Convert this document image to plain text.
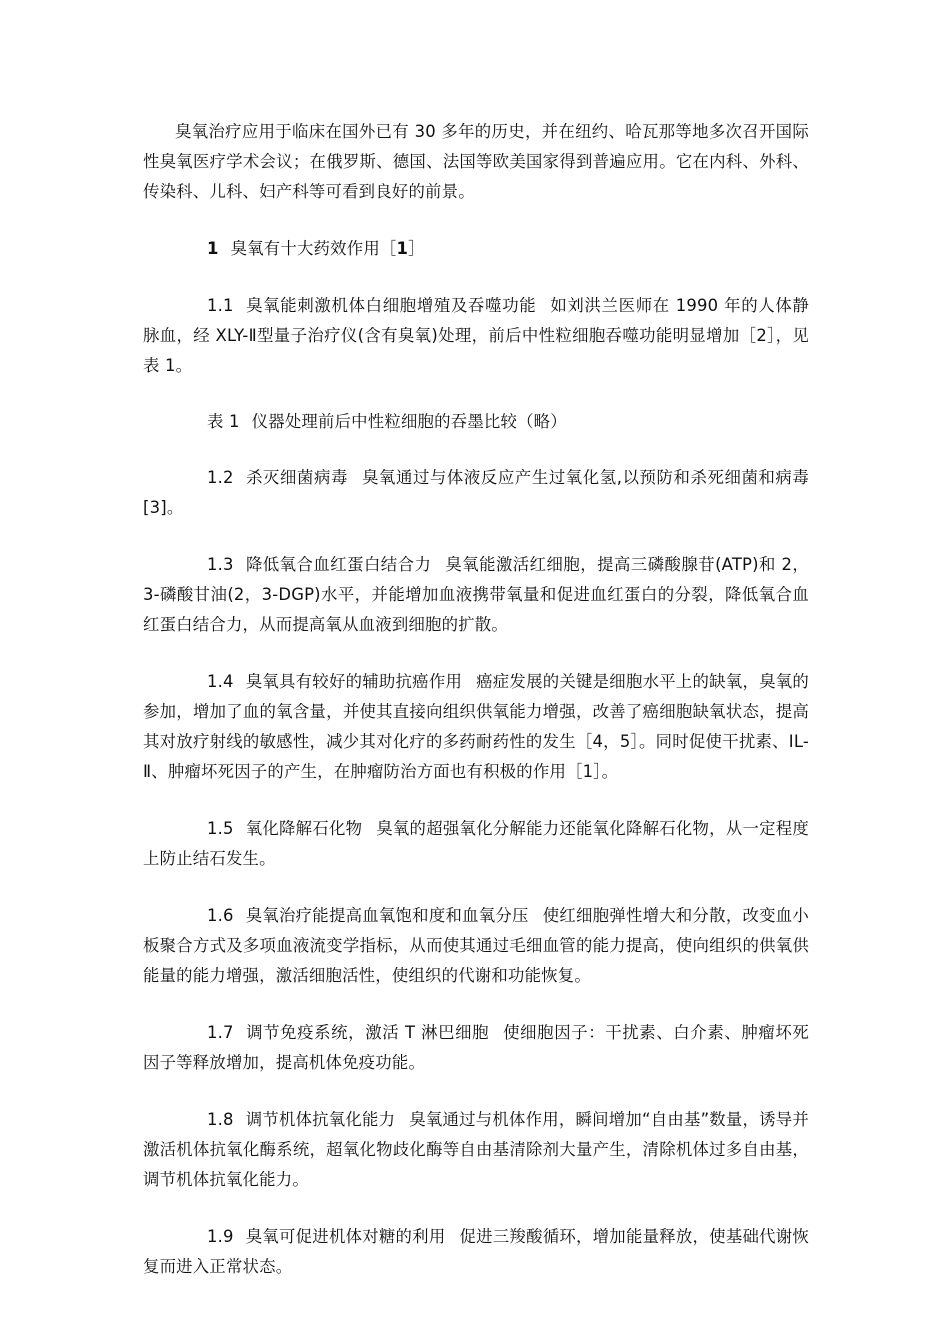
臭氧治疗应用于临床在国外已有 30 多年的历史，并在纽约、哈瓦那等地多次召开国际性臭氧医疗学术会议；在俄罗斯、德国、法国等欧美国家得到普遍应用。它在内科、外科、传染科、儿科、妇产科等可看到良好的前景。

1 臭氧有十大药效作用［1］

1.1 臭氧能刺激机体白细胞增殖及吞噬功能 如刘洪兰医师在 1990 年的人体静脉血，经 XLY-Ⅱ型量子治疗仪(含有臭氧)处理，前后中性粒细胞吞噬功能明显增加［2］，见表 1。

表 1 仪器处理前后中性粒细胞的吞墨比较（略）

1.2 杀灭细菌病毒 臭氧通过与体液反应产生过氧化氢,以预防和杀死细菌和病毒[3]。

1.3 降低氧合血红蛋白结合力 臭氧能激活红细胞，提高三磷酸腺苷(ATP)和 2，3-磷酸甘油(2，3-DGP)水平，并能增加血液携带氧量和促进血红蛋白的分裂，降低氧合血红蛋白结合力，从而提高氧从血液到细胞的扩散。

1.4 臭氧具有较好的辅助抗癌作用 癌症发展的关键是细胞水平上的缺氧，臭氧的参加，增加了血的氧含量，并使其直接向组织供氧能力增强，改善了癌细胞缺氧状态，提高其对放疗射线的敏感性，减少其对化疗的多药耐药性的发生［4，5］。同时促使干扰素、IL-Ⅱ、肿瘤坏死因子的产生，在肿瘤防治方面也有积极的作用［1］。

1.5 氧化降解石化物 臭氧的超强氧化分解能力还能氧化降解石化物，从一定程度上防止结石发生。

1.6 臭氧治疗能提高血氧饱和度和血氧分压 使红细胞弹性增大和分散，改变血小板聚合方式及多项血液流变学指标，从而使其通过毛细血管的能力提高，使向组织的供氧供能量的能力增强，激活细胞活性，使组织的代谢和功能恢复。

1.7 调节免疫系统，激活 T 淋巴细胞 使细胞因子：干扰素、白介素、肿瘤坏死因子等释放增加，提高机体免疫功能。

1.8 调节机体抗氧化能力 臭氧通过与机体作用，瞬间增加“自由基”数量，诱导并激活机体抗氧化酶系统，超氧化物歧化酶等自由基清除剂大量产生，清除机体过多自由基，调节机体抗氧化能力。

1.9 臭氧可促进机体对糖的利用 促进三羧酸循环，增加能量释放，使基础代谢恢复而进入正常状态。
